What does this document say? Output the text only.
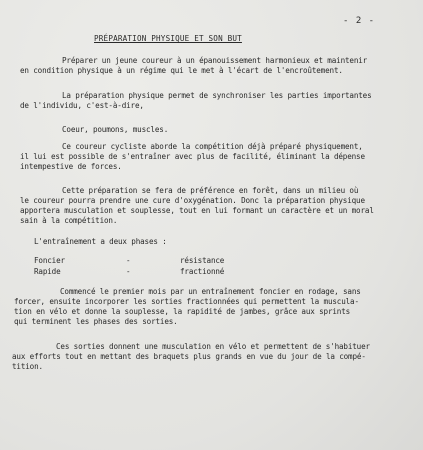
- 2 -
PRÉPARATION PHYSIQUE ET SON BUT
Préparer un jeune coureur à un épanouissement harmonieux et maintenir
en condition physique à un régime qui le met à l'écart de l'encroûtement.
La préparation physique permet de synchroniser les parties importantes
de l'individu, c'est-à-dire,
Coeur, poumons, muscles.
Ce coureur cycliste aborde la compétition déjà préparé physiquement,
il lui est possible de s'entraîner avec plus de facilité, éliminant la dépense
intempestive de forces.
Cette préparation se fera de préférence en forêt, dans un milieu où
le coureur pourra prendre une cure d'oxygénation. Donc la préparation physique
apportera musculation et souplesse, tout en lui formant un caractère et un moral
sain à la compétition.
L'entraînement a deux phases :
Foncier	-	résistance
Rapide	-	fractionné
Commencé le premier mois par un entraînement foncier en rodage, sans
forcer, ensuite incorporer les sorties fractionnées qui permettent la muscula-
tion en vélo et donne la souplesse, la rapidité de jambes, grâce aux sprints
qui terminent les phases des sorties.
Ces sorties donnent une musculation en vélo et permettent de s'habituer
aux efforts tout en mettant des braquets plus grands en vue du jour de la compé-
tition.
